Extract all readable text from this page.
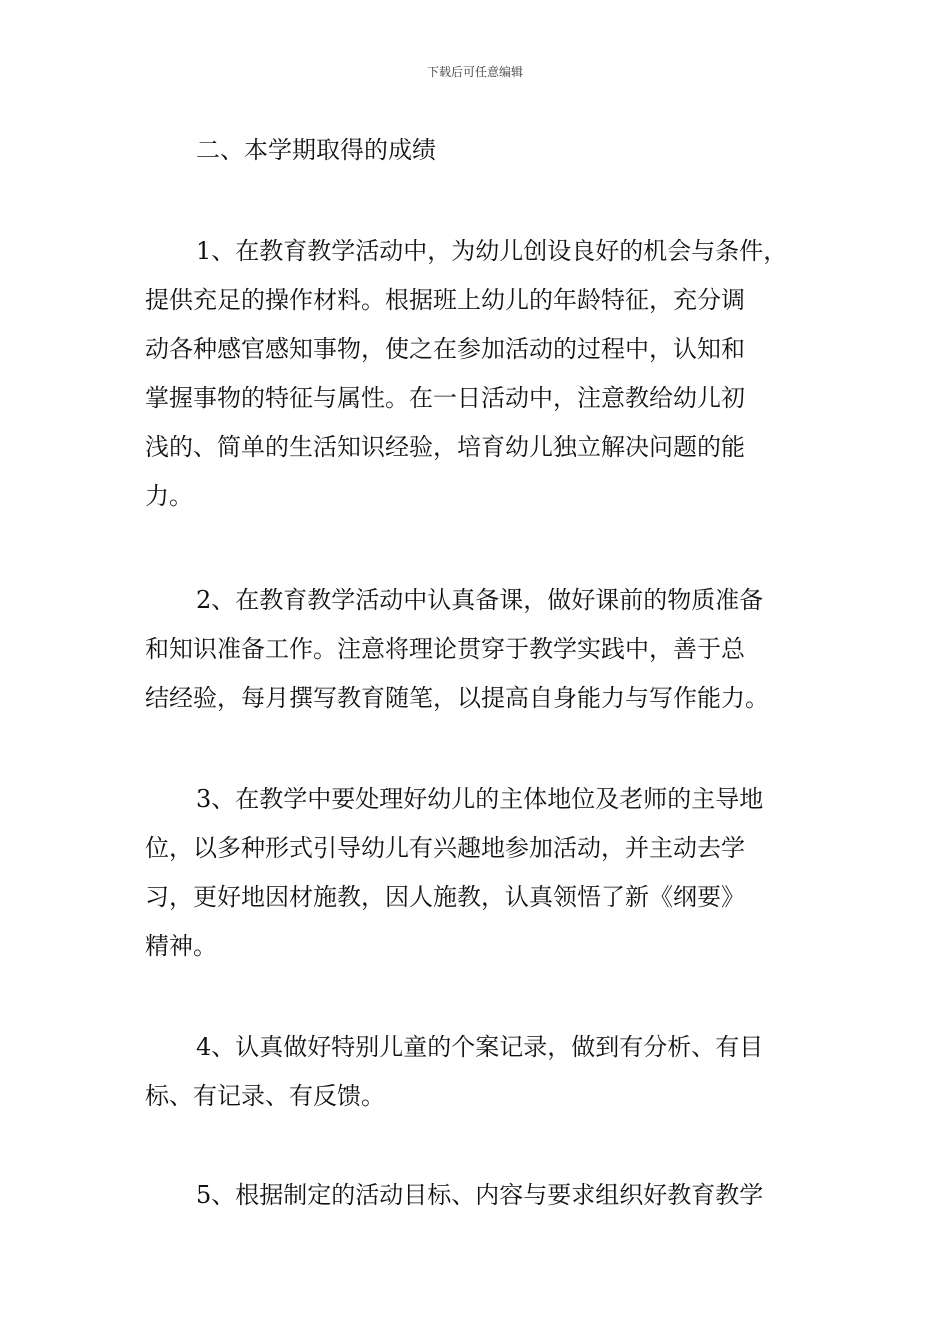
下载后可任意编辑
二、本学期取得的成绩
1、在教育教学活动中，为幼儿创设良好的机会与条件，
提供充足的操作材料。根据班上幼儿的年龄特征，充分调
动各种感官感知事物，使之在参加活动的过程中，认知和
掌握事物的特征与属性。在一日活动中，注意教给幼儿初
浅的、简单的生活知识经验，培育幼儿独立解决问题的能
力。
2、在教育教学活动中认真备课，做好课前的物质准备
和知识准备工作。注意将理论贯穿于教学实践中，善于总
结经验，每月撰写教育随笔，以提高自身能力与写作能力。
3、在教学中要处理好幼儿的主体地位及老师的主导地
位，以多种形式引导幼儿有兴趣地参加活动，并主动去学
习，更好地因材施教，因人施教，认真领悟了新《纲要》
精神。
4、认真做好特别儿童的个案记录，做到有分析、有目
标、有记录、有反馈。
5、根据制定的活动目标、内容与要求组织好教育教学
